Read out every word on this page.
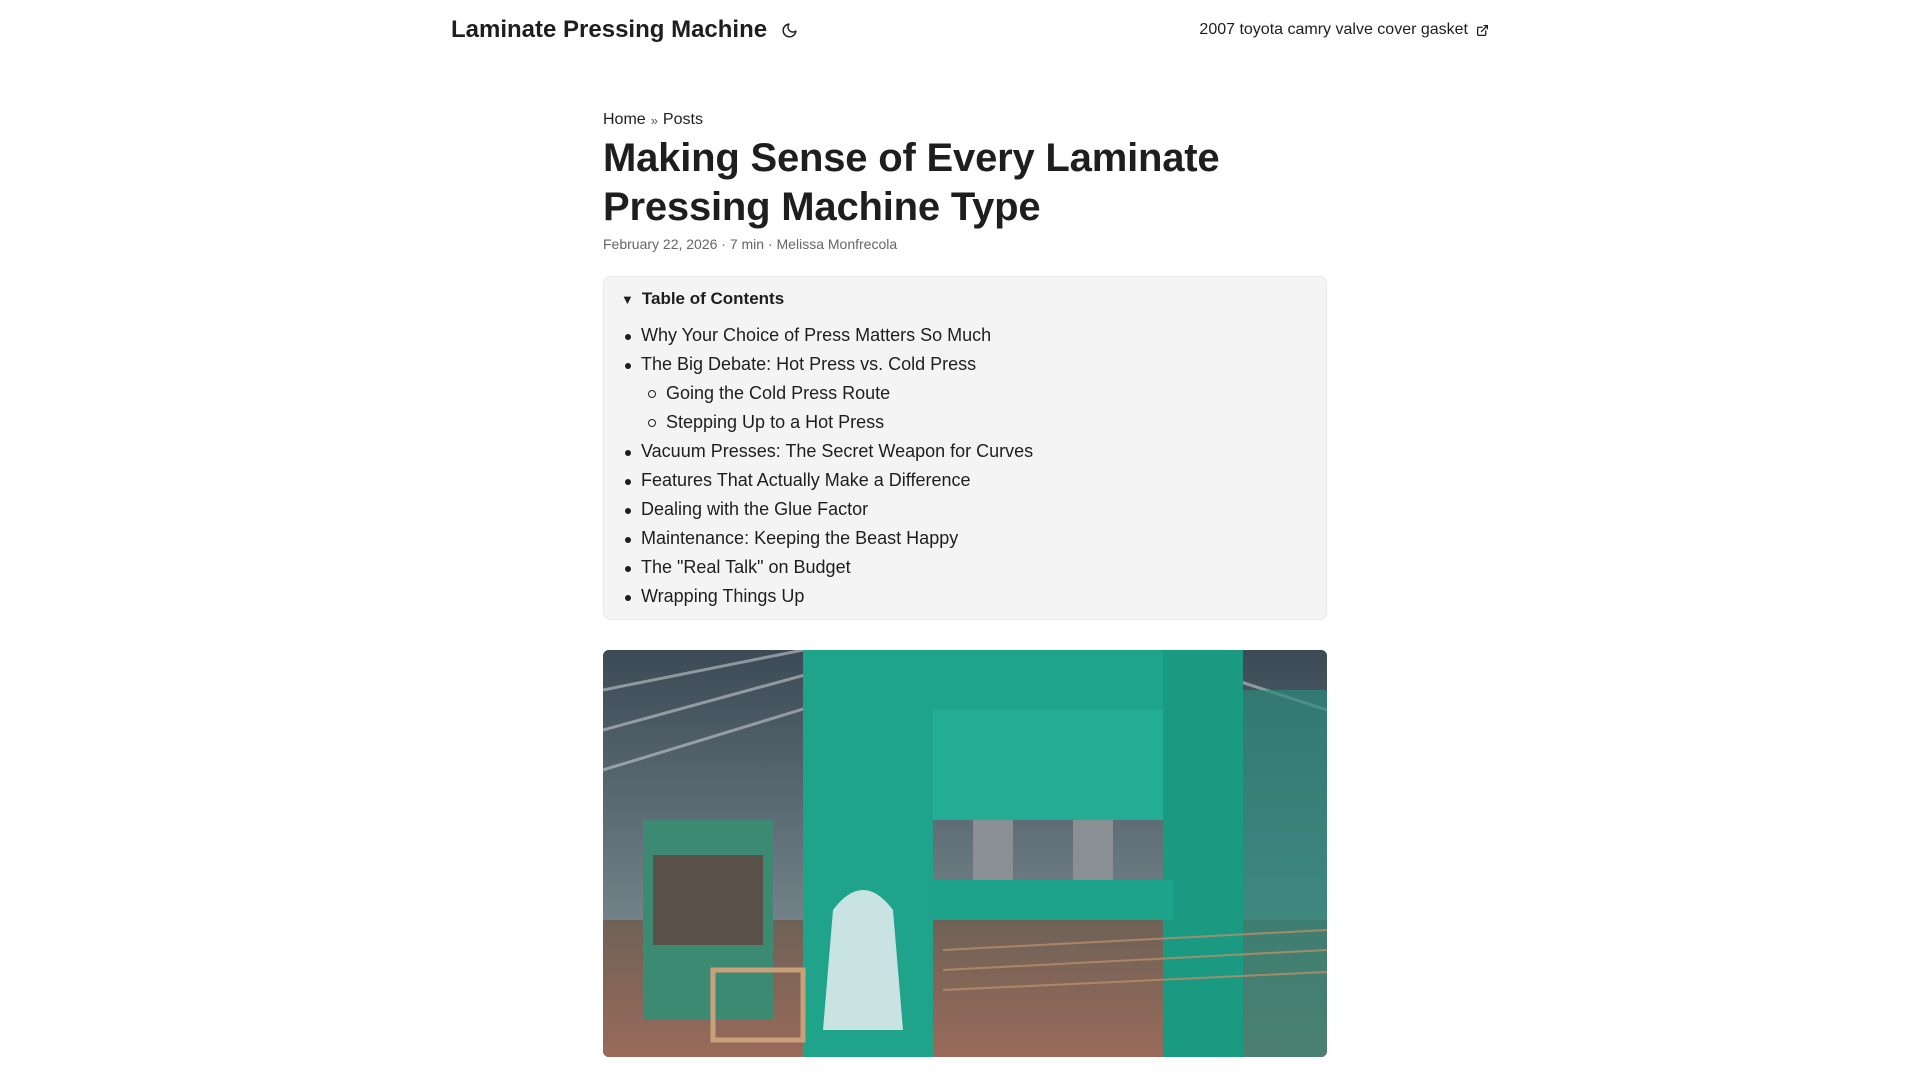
Laminate Pressing Machine	2007 toyota camry valve cover gasket
Home » Posts
Making Sense of Every Laminate Pressing Machine Type
February 22, 2026 · 7 min · Melissa Monfrecola
▼ Table of Contents
Why Your Choice of Press Matters So Much
The Big Debate: Hot Press vs. Cold Press
Going the Cold Press Route
Stepping Up to a Hot Press
Vacuum Presses: The Secret Weapon for Curves
Features That Actually Make a Difference
Dealing with the Glue Factor
Maintenance: Keeping the Beast Happy
The "Real Talk" on Budget
Wrapping Things Up
